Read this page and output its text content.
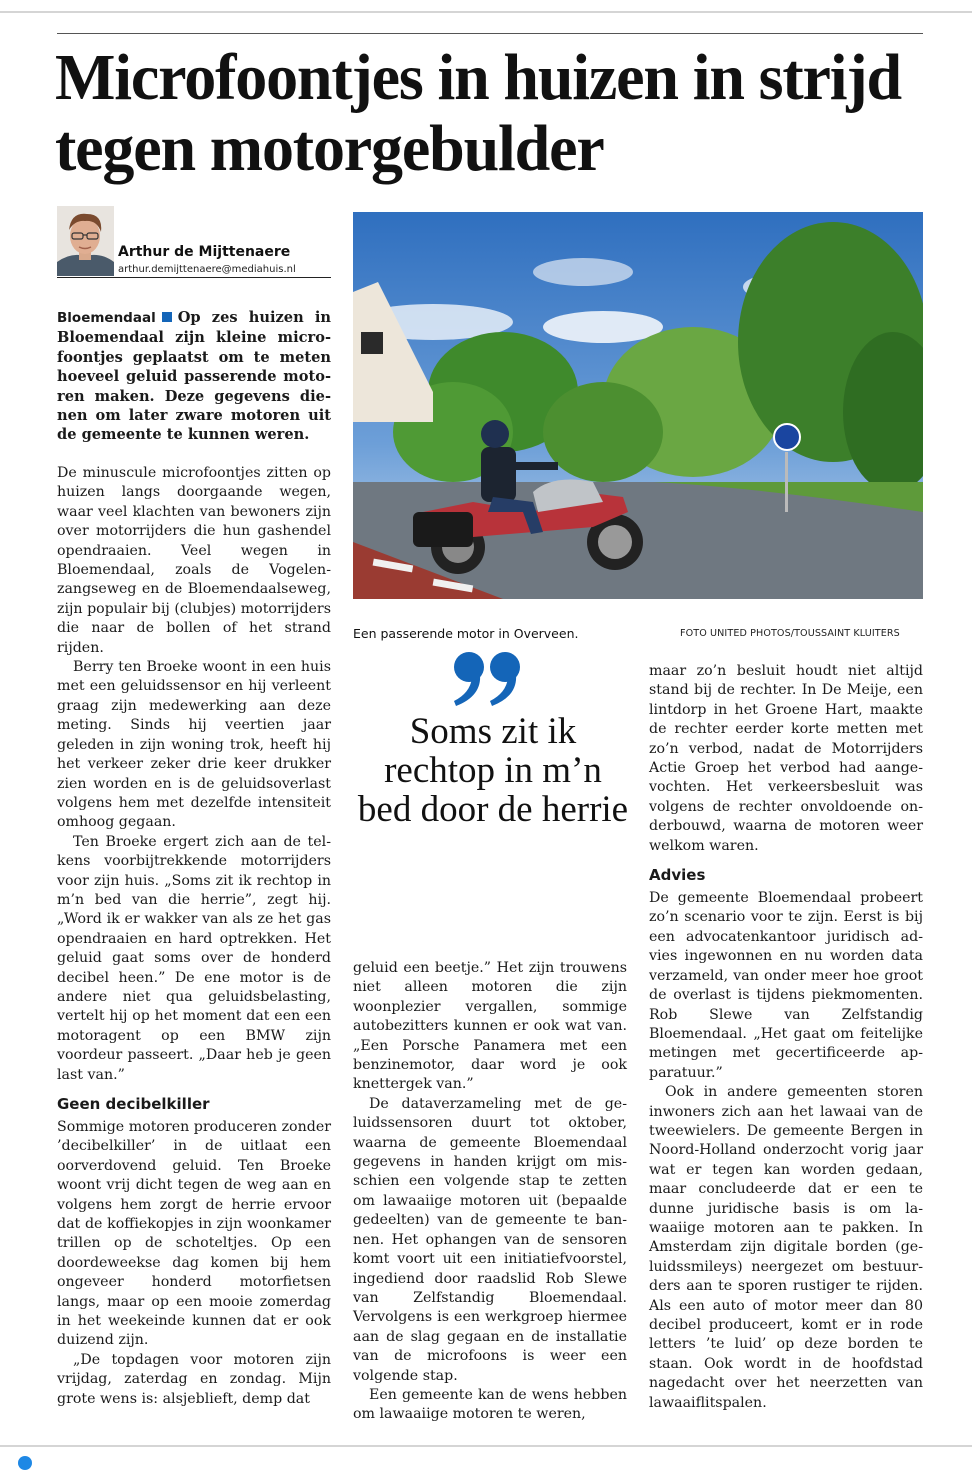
Microfoontjes in huizen in strijd tegen motorgebulder
Arthur de Mijttenaere
arthur.demijttenaere@mediahuis.nl
Bloemendaal Op zes huizen in Bloemendaal zijn kleine microfoontjes geplaatst om te meten hoeveel geluid passerende motoren maken. Deze gegevens dienen om later zware motoren uit de gemeente te kunnen weren.

De minuscule microfoontjes zitten op huizen langs doorgaande wegen, waar veel klachten van bewoners zijn over motorrijders die hun gashendel opendraaien. Veel wegen in Bloemendaal, zoals de Vogelenzangseweg en de Bloemendaalseweg, zijn populair bij (clubjes) motorrijders die naar de bollen of het strand rijden.

Berry ten Broeke woont in een huis met een geluidssensor en hij verleent graag zijn medewerking aan deze meting. Sinds hij veertien jaar geleden in zijn woning trok, heeft hij het verkeer zeker drie keer drukker zien worden en is de geluidsoverlast volgens hem met dezelfde intensiteit omhoog gegaan.

Ten Broeke ergert zich aan de telkens voorbijtrekkende motorrijders voor zijn huis. „Soms zit ik rechtop in m’n bed van die herrie”, zegt hij. „Word ik er wakker van als ze het gas opendraaien en hard optrekken. Het geluid gaat soms over de honderd decibel heen.” De ene motor is de andere niet qua geluidsbelasting, vertelt hij op het moment dat een een motoragent op een BMW zijn voordeur passeert. „Daar heb je geen last van.”

Geen decibelkiller

Sommige motoren produceren zonder ’decibelkiller’ in de uitlaat een oorverdovend geluid. Ten Broeke woont vrij dicht tegen de weg aan en volgens hem zorgt de herrie ervoor dat de koffiekopjes in zijn woonkamer trillen op de schoteltjes. Op een doordeweekse dag komen bij hem ongeveer honderd motorfietsen langs, maar op een mooie zomerdag in het weekeinde kunnen dat er ook duizend zijn.

„De topdagen voor motoren zijn vrijdag, zaterdag en zondag. Mijn grote wens is: alsjeblieft, demp dat

Een passerende motor in Overveen.	FOTO UNITED PHOTOS/TOUSSAINT KLUITERS
Soms zit ik rechtop in m’n bed door de herrie

geluid een beetje.” Het zijn trouwens niet alleen motoren die zijn woonplezier vergallen, sommige autobezitters kunnen er ook wat van. „Een Porsche Panamera met een benzinemotor, daar word je ook knettergek van.”

De dataverzameling met de geluidssensoren duurt tot oktober, waarna de gemeente Bloemendaal gegevens in handen krijgt om misschien een volgende stap te zetten om lawaaiige motoren uit (bepaalde gedeelten) van de gemeente te bannen. Het ophangen van de sensoren komt voort uit een initiatiefvoorstel, ingediend door raadslid Rob Slewe van Zelfstandig Bloemendaal. Vervolgens is een werkgroep hiermee aan de slag gegaan en de installatie van de microfoons is weer een volgende stap.

Een gemeente kan de wens hebben om lawaaiige motoren te weren,

maar zo’n besluit houdt niet altijd stand bij de rechter. In De Meije, een lintdorp in het Groene Hart, maakte de rechter eerder korte metten met zo’n verbod, nadat de Motorrijders Actie Groep het verbod had aangevochten. Het verkeersbesluit was volgens de rechter onvoldoende onderbouwd, waarna de motoren weer welkom waren.

Advies

De gemeente Bloemendaal probeert zo’n scenario voor te zijn. Eerst is bij een advocatenkantoor juridisch advies ingewonnen en nu worden data verzameld, van onder meer hoe groot de overlast is tijdens piekmomenten. Rob Slewe van Zelfstandig Bloemendaal. „Het gaat om feitelijke metingen met gecertificeerde apparatuur.”

Ook in andere gemeenten storen inwoners zich aan het lawaai van de tweewielers. De gemeente Bergen in Noord-Holland onderzocht vorig jaar wat er tegen kan worden gedaan, maar concludeerde dat er een te dunne juridische basis is om lawaaiige motoren aan te pakken. In Amsterdam zijn digitale borden (geluidssmileys) neergezet om bestuurders aan te sporen rustiger te rijden. Als een auto of motor meer dan 80 decibel produceert, komt er in rode letters ’te luid’ op deze borden te staan. Ook wordt in de hoofdstad nagedacht over het neerzetten van lawaaiflitspalen.
